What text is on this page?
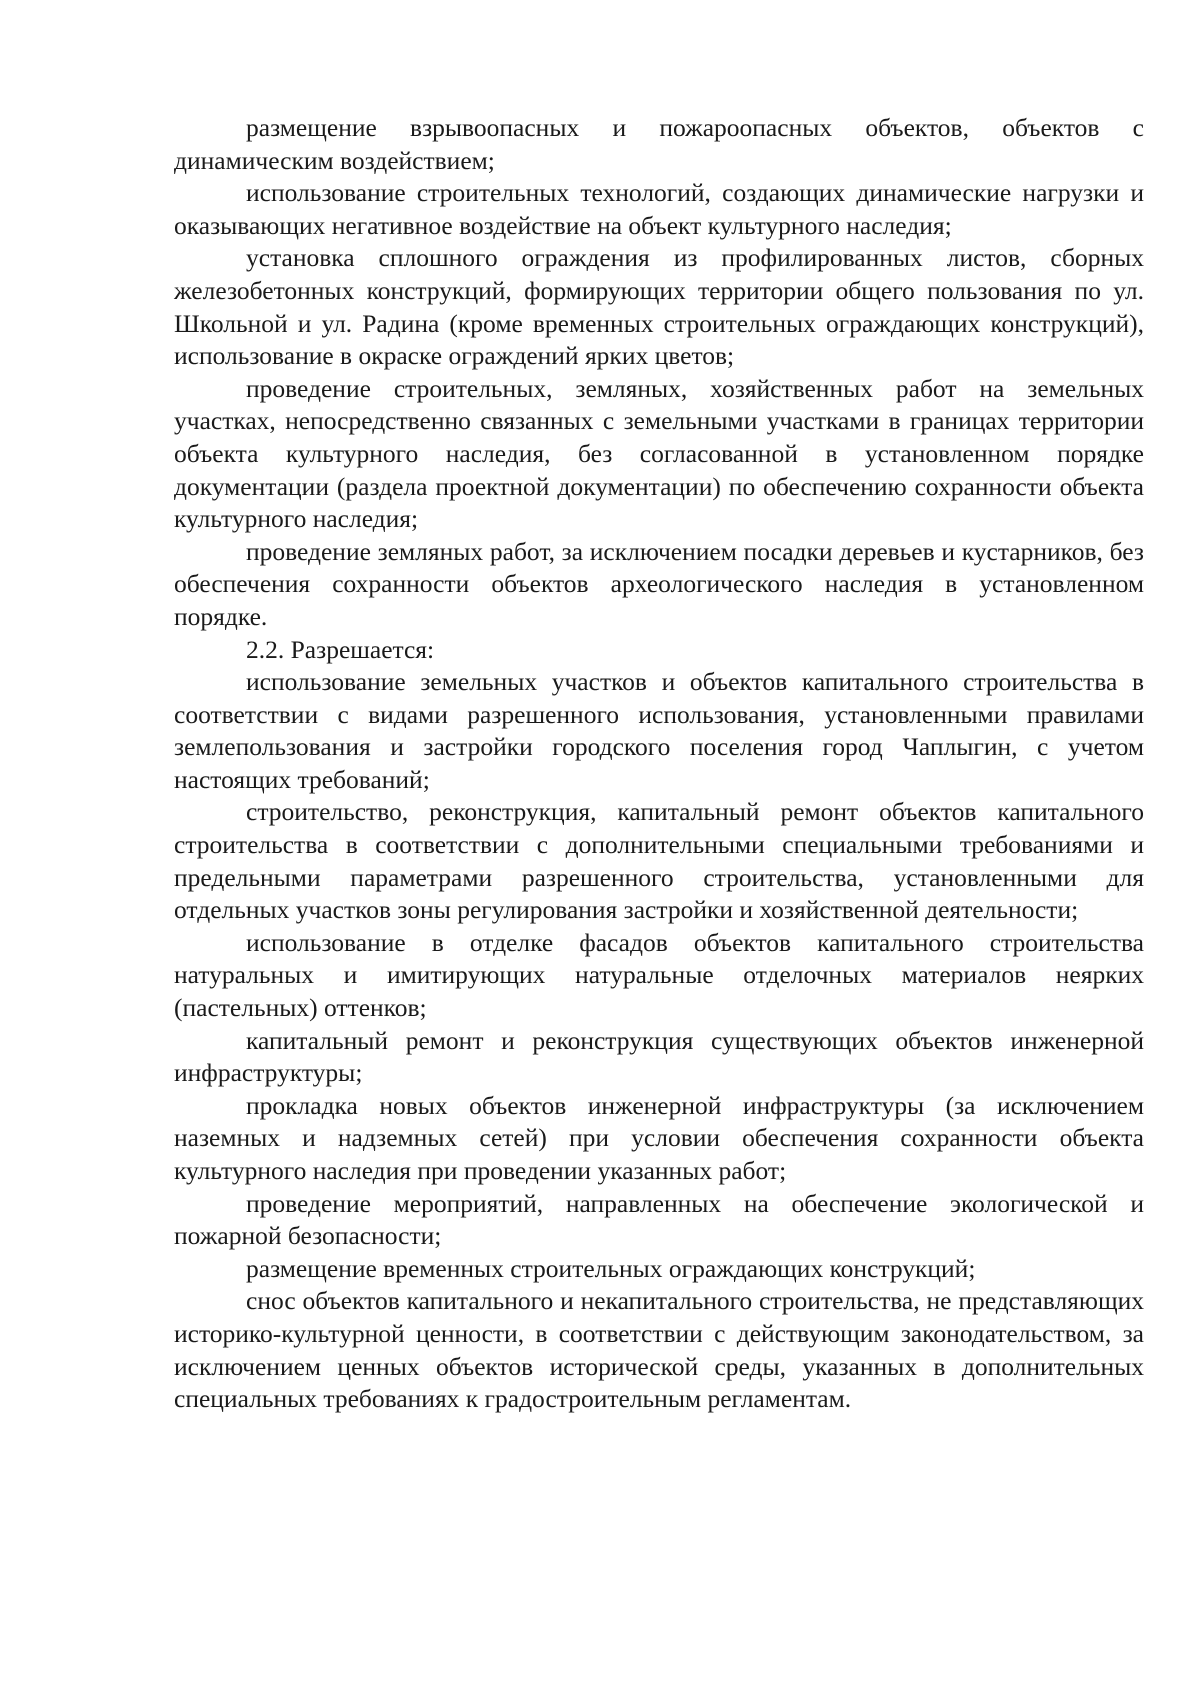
размещение взрывоопасных и пожароопасных объектов, объектов с динамическим воздействием;

использование строительных технологий, создающих динамические нагрузки и оказывающих негативное воздействие на объект культурного наследия;

установка сплошного ограждения из профилированных листов, сборных железобетонных конструкций, формирующих территории общего пользования по ул. Школьной и ул. Радина (кроме временных строительных ограждающих конструкций), использование в окраске ограждений ярких цветов;

проведение строительных, земляных, хозяйственных работ на земельных участках, непосредственно связанных с земельными участками в границах территории объекта культурного наследия, без согласованной в установленном порядке документации (раздела проектной документации) по обеспечению сохранности объекта культурного наследия;

проведение земляных работ, за исключением посадки деревьев и кустарников, без обеспечения сохранности объектов археологического наследия в установленном порядке.

2.2. Разрешается:

использование земельных участков и объектов капитального строительства в соответствии с видами разрешенного использования, установленными правилами землепользования и застройки городского поселения город Чаплыгин, с учетом настоящих требований;

строительство, реконструкция, капитальный ремонт объектов капитального строительства в соответствии с дополнительными специальными требованиями и предельными параметрами разрешенного строительства, установленными для отдельных участков зоны регулирования застройки и хозяйственной деятельности;

использование в отделке фасадов объектов капитального строительства натуральных и имитирующих натуральные отделочных материалов неярких (пастельных) оттенков;

капитальный ремонт и реконструкция существующих объектов инженерной инфраструктуры;

прокладка новых объектов инженерной инфраструктуры (за исключением наземных и надземных сетей) при условии обеспечения сохранности объекта культурного наследия при проведении указанных работ;

проведение мероприятий, направленных на обеспечение экологической и пожарной безопасности;

размещение временных строительных ограждающих конструкций;

снос объектов капитального и некапитального строительства, не представляющих историко-культурной ценности, в соответствии с действующим законодательством, за исключением ценных объектов исторической среды, указанных в дополнительных специальных требованиях к градостроительным регламентам.
